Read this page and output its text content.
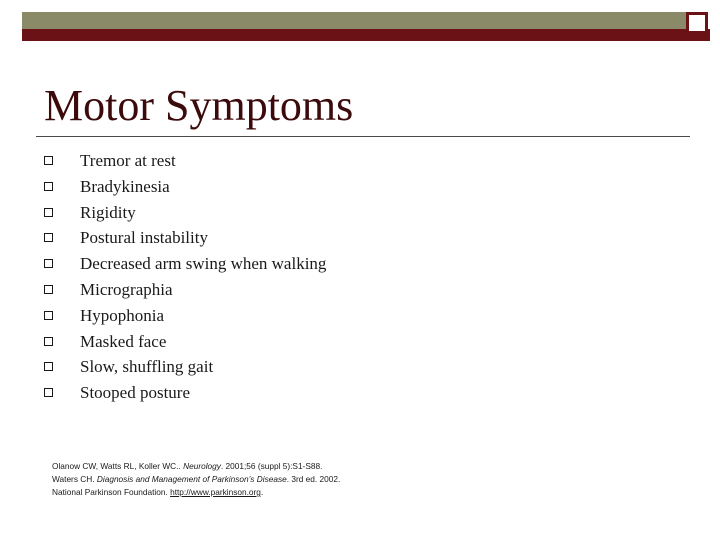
Motor Symptoms
Tremor at rest
Bradykinesia
Rigidity
Postural instability
Decreased arm swing when walking
Micrographia
Hypophonia
Masked face
Slow, shuffling gait
Stooped posture
Olanow CW, Watts RL, Koller WC.. Neurology. 2001;56 (suppl 5):S1-S88.
Waters CH. Diagnosis and Management of Parkinson’s Disease. 3rd ed. 2002.
National Parkinson Foundation. http://www.parkinson.org.
